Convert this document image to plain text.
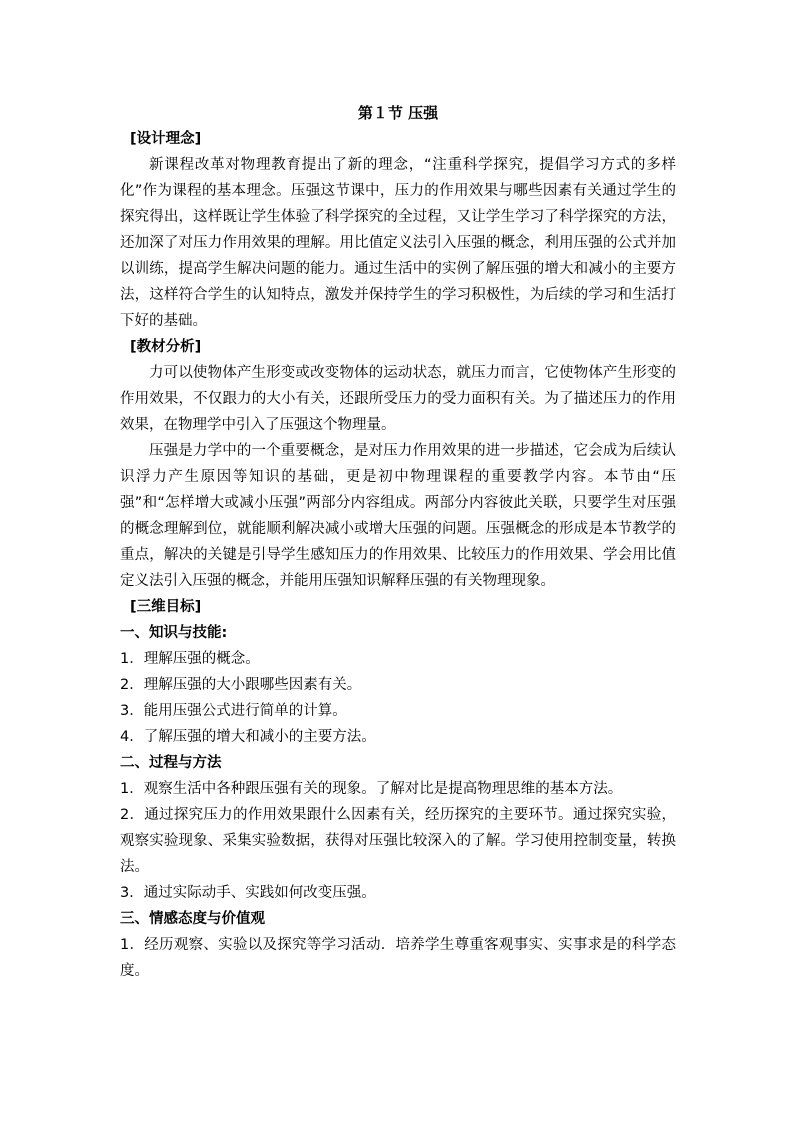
第１节 压强
[设计理念]

新课程改革对物理教育提出了新的理念，“注重科学探究，提倡学习方式的多样化”作为课程的基本理念。压强这节课中，压力的作用效果与哪些因素有关通过学生的探究得出，这样既让学生体验了科学探究的全过程，又让学生学习了科学探究的方法，还加深了对压力作用效果的理解。用比值定义法引入压强的概念，利用压强的公式并加以训练，提高学生解决问题的能力。通过生活中的实例了解压强的增大和减小的主要方法，这样符合学生的认知特点，激发并保持学生的学习积极性，为后续的学习和生活打下好的基础。

[教材分析]

力可以使物体产生形变或改变物体的运动状态，就压力而言，它使物体产生形变的作用效果，不仅跟力的大小有关，还跟所受压力的受力面积有关。为了描述压力的作用效果，在物理学中引入了压强这个物理量。

压强是力学中的一个重要概念，是对压力作用效果的进一步描述，它会成为后续认识浮力产生原因等知识的基础，更是初中物理课程的重要教学内容。本节由“压强”和“怎样增大或减小压强”两部分内容组成。两部分内容彼此关联，只要学生对压强的概念理解到位，就能顺利解决减小或增大压强的问题。压强概念的形成是本节教学的重点，解决的关键是引导学生感知压力的作用效果、比较压力的作用效果、学会用比值定义法引入压强的概念，并能用压强知识解释压强的有关物理现象。

[三维目标]
一、知识与技能:

1．理解压强的概念。

2．理解压强的大小跟哪些因素有关。

3．能用压强公式进行简单的计算。

4．了解压强的增大和减小的主要方法。

二、过程与方法

1．观察生活中各种跟压强有关的现象。了解对比是提高物理思维的基本方法。

2．通过探究压力的作用效果跟什么因素有关，经历探究的主要环节。通过探究实验，观察实验现象、采集实验数据，获得对压强比较深入的了解。学习使用控制变量，转换法。

3．通过实际动手、实践如何改变压强。

三、情感态度与价值观

1．经历观察、实验以及探究等学习活动．培养学生尊重客观事实、实事求是的科学态度。
